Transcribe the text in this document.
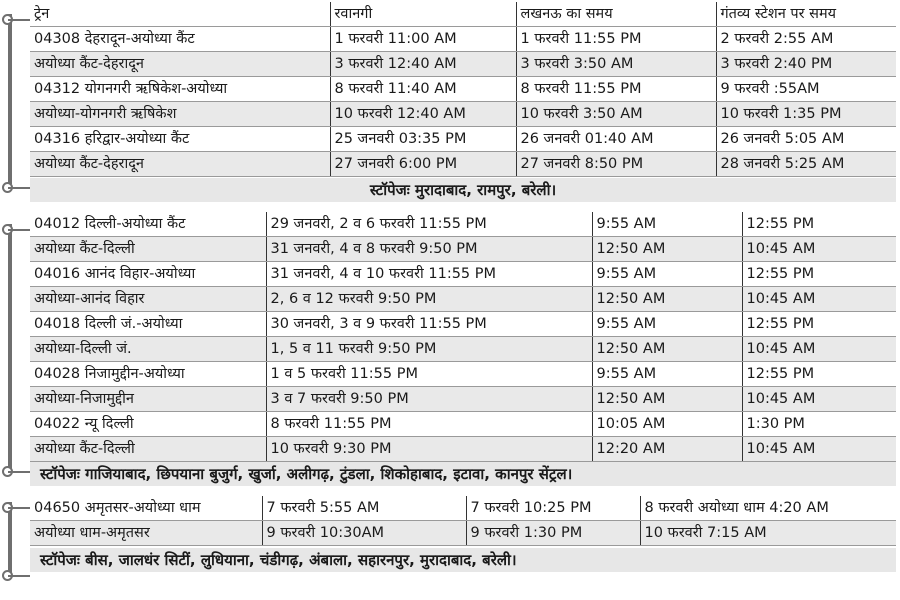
ट्रेन	रवानगी	लखनऊ का समय	गंतव्य स्टेशन पर समय
04308 देहरादून-अयोध्या कैंट	1 फरवरी 11:00 AM	1 फरवरी 11:55 PM	2 फरवरी 2:55 AM
अयोध्या कैंट-देहरादून	3 फरवरी 12:40 AM	3 फरवरी 3:50 AM	3 फरवरी 2:40 PM
04312 योगनगरी ऋषिकेश-अयोध्या	8 फरवरी 11:40 AM	8 फरवरी 11:55 PM	9 फरवरी :55AM
अयोध्या-योगनगरी ऋषिकेश	10 फरवरी 12:40 AM	10 फरवरी 3:50 AM	10 फरवरी 1:35 PM
04316 हरिद्वार-अयोध्या कैंट	25 जनवरी 03:35 PM	26 जनवरी 01:40 AM	26 जनवरी 5:05 AM
अयोध्या कैंट-देहरादून	27 जनवरी 6:00 PM	27 जनवरी 8:50 PM	28 जनवरी 5:25 AM
स्टॉपेजः मुरादाबाद, रामपुर, बरेली।
04012 दिल्ली-अयोध्या कैंट	29 जनवरी, 2 व 6 फरवरी 11:55 PM	9:55 AM	12:55 PM
अयोध्या कैंट-दिल्ली	31 जनवरी, 4 व 8 फरवरी 9:50 PM	12:50 AM	10:45 AM
04016 आनंद विहार-अयोध्या	31 जनवरी, 4 व 10 फरवरी 11:55 PM	9:55 AM	12:55 PM
अयोध्या-आनंद विहार	2, 6 व 12 फरवरी 9:50 PM	12:50 AM	10:45 AM
04018 दिल्ली जं.-अयोध्या	30 जनवरी, 3 व 9 फरवरी 11:55 PM	9:55 AM	12:55 PM
अयोध्या-दिल्ली जं.	1, 5 व 11 फरवरी 9:50 PM	12:50 AM	10:45 AM
04028 निजामुद्दीन-अयोध्या	1 व 5 फरवरी 11:55 PM	9:55 AM	12:55 PM
अयोध्या-निजामुद्दीन	3 व 7 फरवरी 9:50 PM	12:50 AM	10:45 AM
04022 न्यू दिल्ली	8 फरवरी 11:55 PM	10:05 AM	1:30 PM
अयोध्या कैंट-दिल्ली	10 फरवरी 9:30 PM	12:20 AM	10:45 AM
स्टॉपेजः गाजियाबाद, छिपयाना बुजुर्ग, खुर्जा, अलीगढ़, टुंडला, शिकोहाबाद, इटावा, कानपुर सेंट्रल।
04650 अमृतसर-अयोध्या धाम	7 फरवरी 5:55 AM	7 फरवरी 10:25 PM	8 फरवरी अयोध्या धाम 4:20 AM
अयोध्या धाम-अमृतसर	9 फरवरी 10:30AM	9 फरवरी 1:30 PM	10 फरवरी 7:15 AM
स्टॉपेजः बीस, जालधंर सिटीं, लुधियाना, चंडीगढ़, अंबाला, सहारनपुर, मुरादाबाद, बरेली।
